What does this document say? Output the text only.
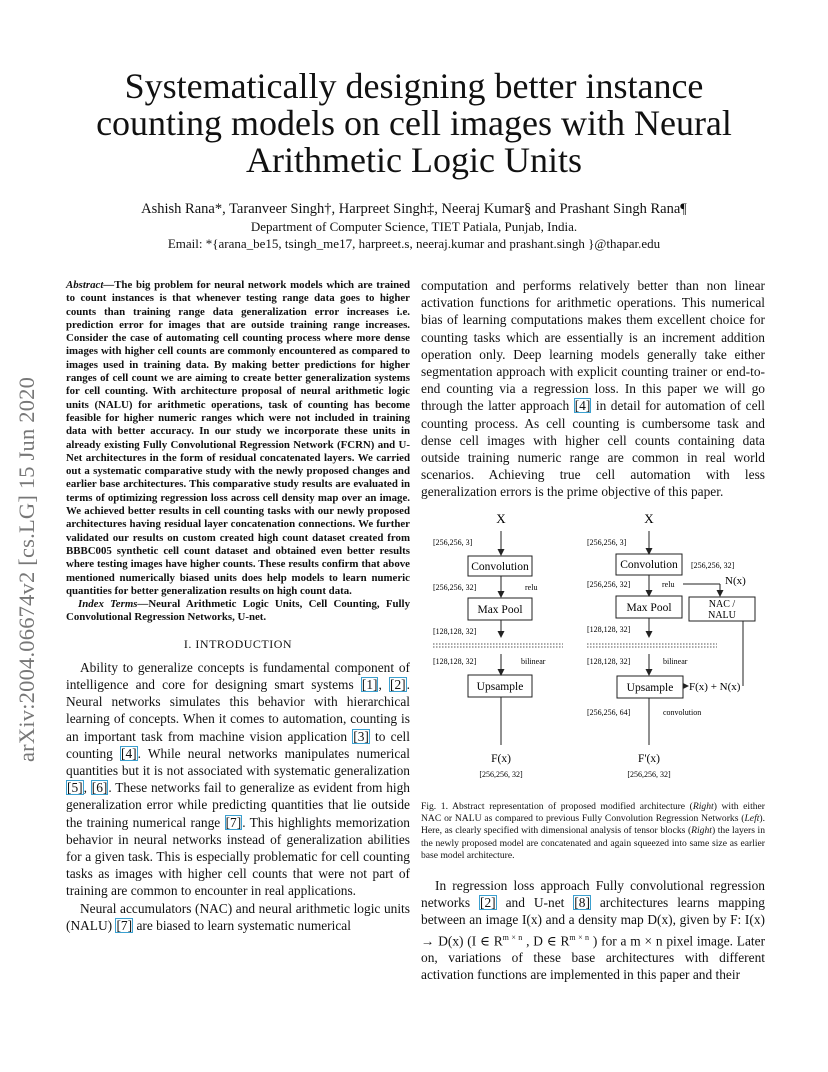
Systematically designing better instance counting models on cell images with Neural Arithmetic Logic Units
Ashish Rana*, Taranveer Singh†, Harpreet Singh‡, Neeraj Kumar§ and Prashant Singh Rana¶
Department of Computer Science, TIET Patiala, Punjab, India.
Email: *{arana_be15, tsingh_me17, harpreet.s, neeraj.kumar and prashant.singh }@thapar.edu
arXiv:2004.06674v2 [cs.LG] 15 Jun 2020

Abstract—The big problem for neural network models which are trained to count instances is that whenever testing range data goes to higher counts than training range data generalization error increases i.e. prediction error for images that are outside training range increases. Consider the case of automating cell counting process where more dense images with higher cell counts are commonly encountered as compared to images used in training data. By making better predictions for higher ranges of cell count we are aiming to create better generalization systems for cell counting. With architecture proposal of neural arithmetic logic units (NALU) for arithmetic operations, task of counting has become feasible for higher numeric ranges which were not included in training data with better accuracy. In our study we incorporate these units in already existing Fully Convolutional Regression Network (FCRN) and U-Net architectures in the form of residual concatenated layers. We carried out a systematic comparative study with the newly proposed changes and earlier base architectures. This comparative study results are evaluated in terms of optimizing regression loss across cell density map over an image. We achieved better results in cell counting tasks with our newly proposed architectures having residual layer concatenation connections. We further validated our results on custom created high count dataset created from BBBC005 synthetic cell count dataset and obtained even better results where testing images have higher counts. These results confirm that above mentioned numerically biased units does help models to learn numeric quantities for better generalization results on high count data.

Index Terms—Neural Arithmetic Logic Units, Cell Counting, Fully Convolutional Regression Networks, U-net.

I. INTRODUCTION

Ability to generalize concepts is fundamental component of intelligence and core for designing smart systems [1], [2]. Neural networks simulates this behavior with hierarchical learning of concepts. When it comes to automation, counting is an important task from machine vision application [3] to cell counting [4]. While neural networks manipulates numerical quantities but it is not associated with systematic generalization [5], [6]. These networks fail to generalize as evident from high generalization error while predicting quantities that lie outside the training numerical range [7]. This highlights memorization behavior in neural networks instead of generalization abilities for a given task. This is especially problematic for cell counting tasks as images with higher cell counts that were not part of training are common to encounter in real applications.

Neural accumulators (NAC) and neural arithmetic logic units (NALU) [7] are biased to learn systematic numerical

computation and performs relatively better than non linear activation functions for arithmetic operations. This numerical bias of learning computations makes them excellent choice for counting tasks which are essentially is an increment addition operation only. Deep learning models generally take either segmentation approach with explicit counting trainer or end-to-end counting via a regression loss. In this paper we will go through the latter approach [4] in detail for automation of cell counting process. As cell counting is cumbersome task and dense cell images with higher cell counts containing data outside training numeric range are common in real world scenarios. Achieving true cell automation with less generalization errors is the prime objective of this paper.

X
[256,256, 3]
Convolution
[256,256, 32]	relu
Max Pool
[128,128, 32]
[128,128, 32]	bilinear
Upsample
F(x)
[256,256, 32]
X
[256,256, 3]
Convolution [256,256, 32]
[256,256, 32]	relu	N(x)
NAC /
NALU
Max Pool
[128,128, 32]
[128,128, 32]	bilinear
Upsample F(x) + N(x)
[256,256, 64]	convolution
F'(x)
[256,256, 32]
Fig. 1. Abstract representation of proposed modified architecture (Right) with either NAC or NALU as compared to previous Fully Convolution Regression Networks (Left). Here, as clearly specified with dimensional analysis of tensor blocks (Right) the layers in the newly proposed model are concatenated and again squeezed into same size as earlier base model architecture.

In regression loss approach Fully convolutional regression networks [2] and U-net [8] architectures learns mapping between an image I(x) and a density map D(x), given by F: I(x) → D(x) (I ∈ $R^{m \times n}$ , D ∈ $R^{m \times n}$ ) for a m × n pixel image. Later on, variations of these base architectures with different activation functions are implemented in this paper and their
